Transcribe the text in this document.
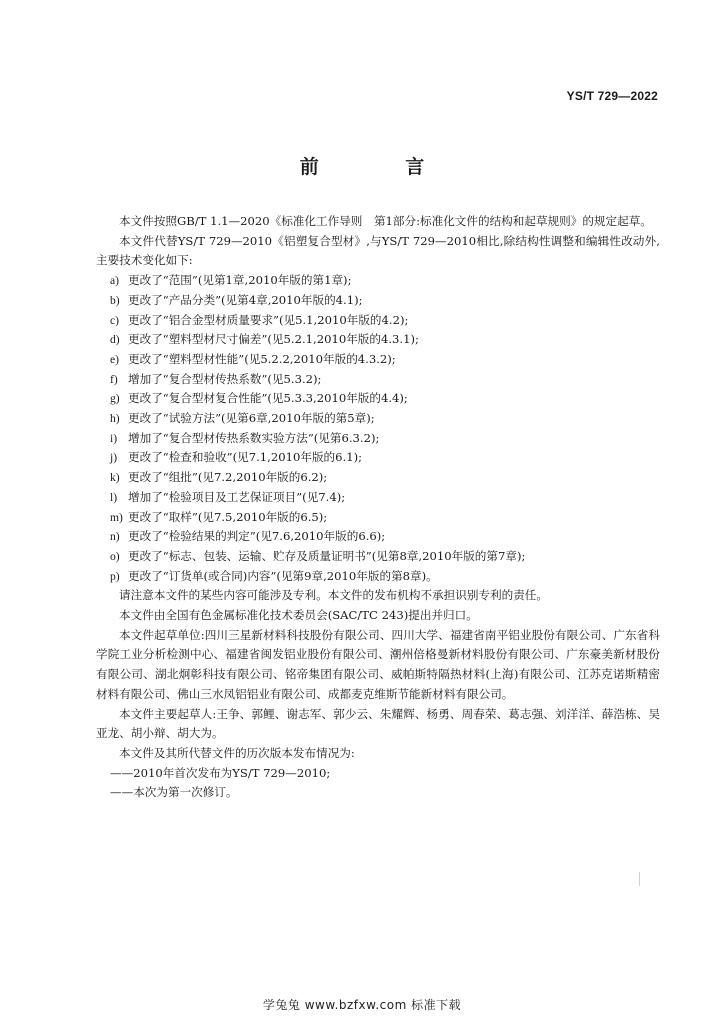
YS/T 729—2022
前 言

本文件按照GB/T 1.1—2020《标准化工作导则　第1部分:标准化文件的结构和起草规则》的规定起草。

本文件代替YS/T 729—2010《铝塑复合型材》,与YS/T 729—2010相比,除结构性调整和编辑性改动外,主要技术变化如下:

a) 更改了“范围”(见第1章,2010年版的第1章);

b) 更改了“产品分类”(见第4章,2010年版的4.1);

c) 更改了“铝合金型材质量要求”(见5.1,2010年版的4.2);

d) 更改了“塑料型材尺寸偏差”(见5.2.1,2010年版的4.3.1);

e) 更改了“塑料型材性能”(见5.2.2,2010年版的4.3.2);

f) 增加了“复合型材传热系数”(见5.3.2);

g) 更改了“复合型材复合性能”(见5.3.3,2010年版的4.4);

h) 更改了“试验方法”(见第6章,2010年版的第5章);

i) 增加了“复合型材传热系数实验方法”(见第6.3.2);

j) 更改了“检查和验收”(见7.1,2010年版的6.1);

k) 更改了“组批”(见7.2,2010年版的6.2);

l) 增加了“检验项目及工艺保证项目”(见7.4);

m) 更改了“取样”(见7.5,2010年版的6.5);

n) 更改了“检验结果的判定”(见7.6,2010年版的6.6);

o) 更改了“标志、包装、运输、贮存及质量证明书”(见第8章,2010年版的第7章);

p) 更改了“订货单(或合同)内容”(见第9章,2010年版的第8章)。

请注意本文件的某些内容可能涉及专利。本文件的发布机构不承担识别专利的责任。

本文件由全国有色金属标准化技术委员会(SAC/TC 243)提出并归口。

本文件起草单位:四川三星新材料科技股份有限公司、四川大学、福建省南平铝业股份有限公司、广东省科学院工业分析检测中心、福建省闽发铝业股份有限公司、潮州倍格曼新材料股份有限公司、广东豪美新材股份有限公司、湖北炯彰科技有限公司、铭帝集团有限公司、威帕斯特隔热材料(上海)有限公司、江苏克诺斯精密材料有限公司、佛山三水凤铝铝业有限公司、成都麦克维斯节能新材料有限公司。

本文件主要起草人:王争、郭鲤、谢志军、郭少云、朱耀辉、杨勇、周春荣、葛志强、刘洋洋、薛浩栋、吴亚龙、胡小辩、胡大为。

本文件及其所代替文件的历次版本发布情况为:

——2010年首次发布为YS/T 729—2010;

——本次为第一次修订。

学兔兔 www.bzfxw.com 标准下载
